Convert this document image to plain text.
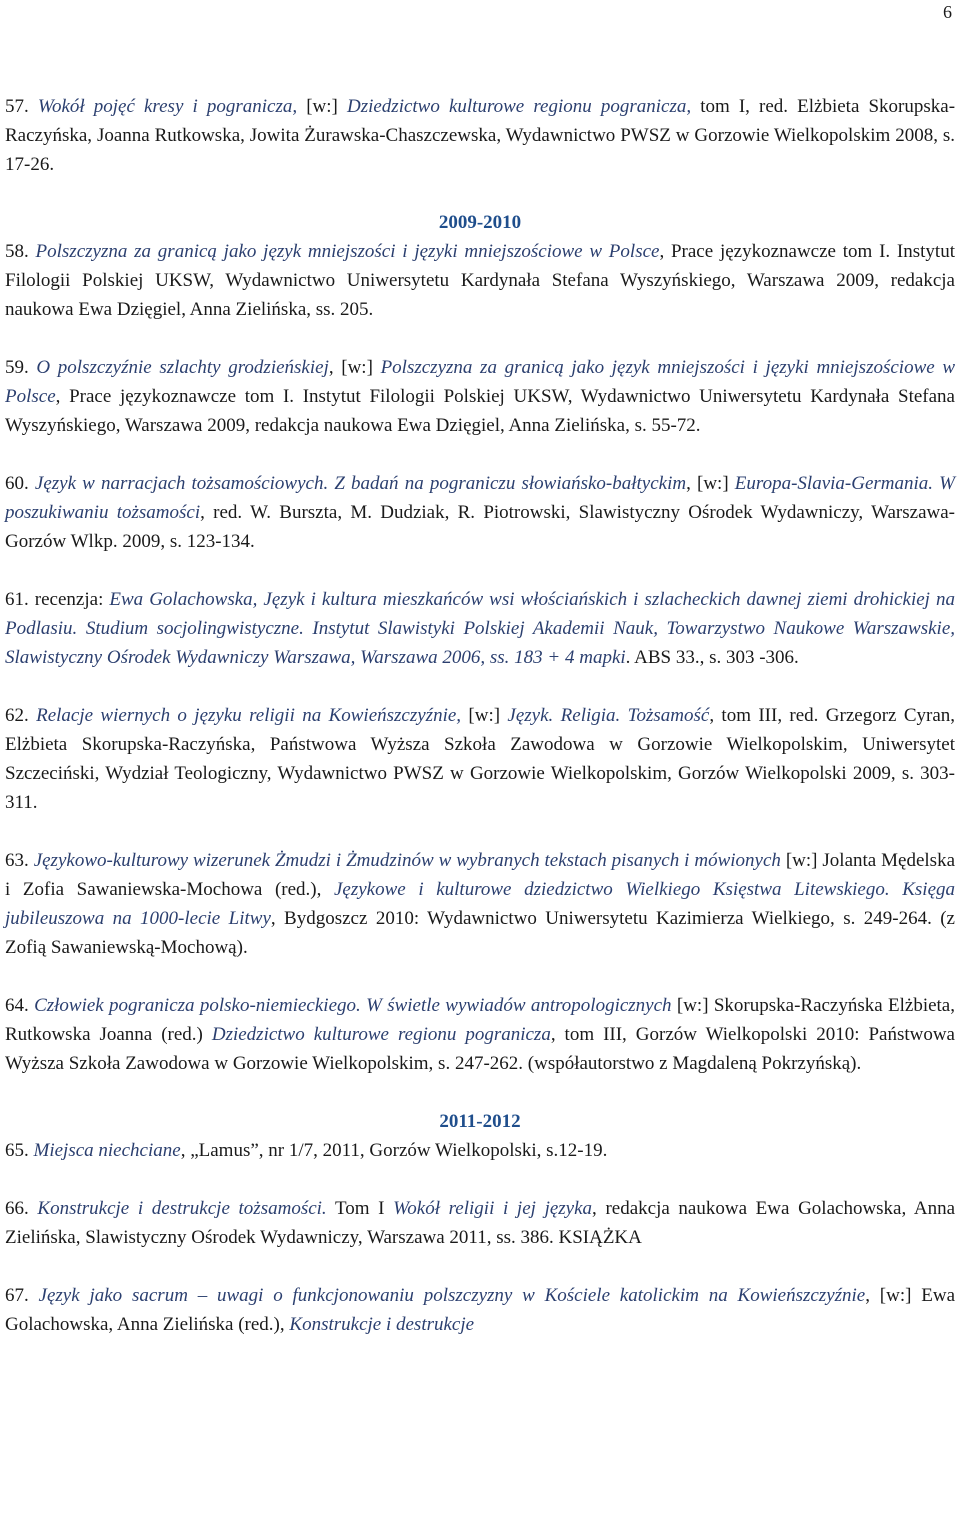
6

57. Wokół pojęć kresy i pogranicza, [w:] Dziedzictwo kulturowe regionu pogranicza, tom I, red. Elżbieta Skorupska-Raczyńska, Joanna Rutkowska, Jowita Żurawska-Chaszczewska, Wydawnictwo PWSZ w Gorzowie Wielkopolskim 2008, s. 17-26.

2009-2010

58. Polszczyzna za granicą jako język mniejszości i języki mniejszościowe w Polsce, Prace językoznawcze tom I. Instytut Filologii Polskiej UKSW, Wydawnictwo Uniwersytetu Kardynała Stefana Wyszyńskiego, Warszawa 2009, redakcja naukowa Ewa Dzięgiel, Anna Zielińska, ss. 205.

59. O polszczyźnie szlachty grodzieńskiej, [w:] Polszczyzna za granicą jako język mniejszości i języki mniejszościowe w Polsce, Prace językoznawcze tom I. Instytut Filologii Polskiej UKSW, Wydawnictwo Uniwersytetu Kardynała Stefana Wyszyńskiego, Warszawa 2009, redakcja naukowa Ewa Dzięgiel, Anna Zielińska, s. 55-72.

60. Język w narracjach tożsamościowych. Z badań na pograniczu słowiańsko-bałtyckim, [w:] Europa-Slavia-Germania. W poszukiwaniu tożsamości, red. W. Burszta, M. Dudziak, R. Piotrowski, Slawistyczny Ośrodek Wydawniczy, Warszawa-Gorzów Wlkp. 2009, s. 123-134.

61. recenzja: Ewa Golachowska, Język i kultura mieszkańców wsi włościańskich i szlacheckich dawnej ziemi drohickiej na Podlasiu. Studium socjolingwistyczne. Instytut Slawistyki Polskiej Akademii Nauk, Towarzystwo Naukowe Warszawskie, Slawistyczny Ośrodek Wydawniczy Warszawa, Warszawa 2006, ss. 183 + 4 mapki. ABS 33., s. 303 -306.

62. Relacje wiernych o języku religii na Kowieńszczyźnie, [w:] Język. Religia. Tożsamość, tom III, red. Grzegorz Cyran, Elżbieta Skorupska-Raczyńska, Państwowa Wyższa Szkoła Zawodowa w Gorzowie Wielkopolskim, Uniwersytet Szczeciński, Wydział Teologiczny, Wydawnictwo PWSZ w Gorzowie Wielkopolskim, Gorzów Wielkopolski 2009, s. 303-311.

63. Językowo-kulturowy wizerunek Żmudzi i Żmudzinów w wybranych tekstach pisanych i mówionych [w:] Jolanta Mędelska i Zofia Sawaniewska-Mochowa (red.), Językowe i kulturowe dziedzictwo Wielkiego Księstwa Litewskiego. Księga jubileuszowa na 1000-lecie Litwy, Bydgoszcz 2010: Wydawnictwo Uniwersytetu Kazimierza Wielkiego, s. 249-264. (z Zofią Sawaniewską-Mochową).

64. Człowiek pogranicza polsko-niemieckiego. W świetle wywiadów antropologicznych [w:] Skorupska-Raczyńska Elżbieta, Rutkowska Joanna (red.) Dziedzictwo kulturowe regionu pogranicza, tom III, Gorzów Wielkopolski 2010: Państwowa Wyższa Szkoła Zawodowa w Gorzowie Wielkopolskim, s. 247-262. (współautorstwo z Magdaleną Pokrzyńską).

2011-2012

65. Miejsca niechciane, „Lamus”, nr 1/7, 2011, Gorzów Wielkopolski, s.12-19.

66. Konstrukcje i destrukcje tożsamości. Tom I Wokół religii i jej języka, redakcja naukowa Ewa Golachowska, Anna Zielińska, Slawistyczny Ośrodek Wydawniczy, Warszawa 2011, ss. 386. KSIĄŻKA

67. Język jako sacrum – uwagi o funkcjonowaniu polszczyzny w Kościele katolickim na Kowieńszczyźnie, [w:] Ewa Golachowska, Anna Zielińska (red.), Konstrukcje i destrukcje
